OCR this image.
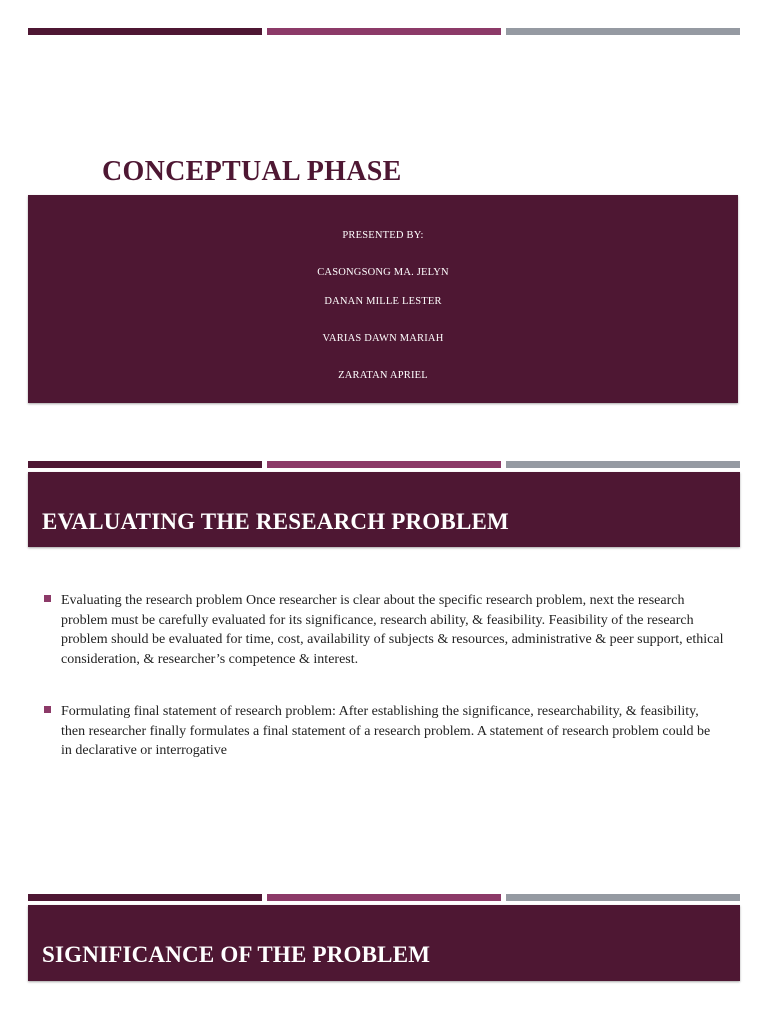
CONCEPTUAL PHASE
PRESENTED BY:
CASONGSONG MA. JELYN
DANAN MILLE LESTER
VARIAS DAWN MARIAH
ZARATAN APRIEL
EVALUATING THE RESEARCH PROBLEM
Evaluating the research problem Once researcher is clear about the specific research problem, next the research problem must be carefully evaluated for its significance, research ability, & feasibility. Feasibility of the research problem should be evaluated for time, cost, availability of subjects & resources, administrative & peer support, ethical consideration, & researcher’s competence & interest.
Formulating final statement of research problem: After establishing the significance, researchability, & feasibility, then researcher finally formulates a final statement of a research problem. A statement of research problem could be in declarative or interrogative
SIGNIFICANCE OF THE PROBLEM
